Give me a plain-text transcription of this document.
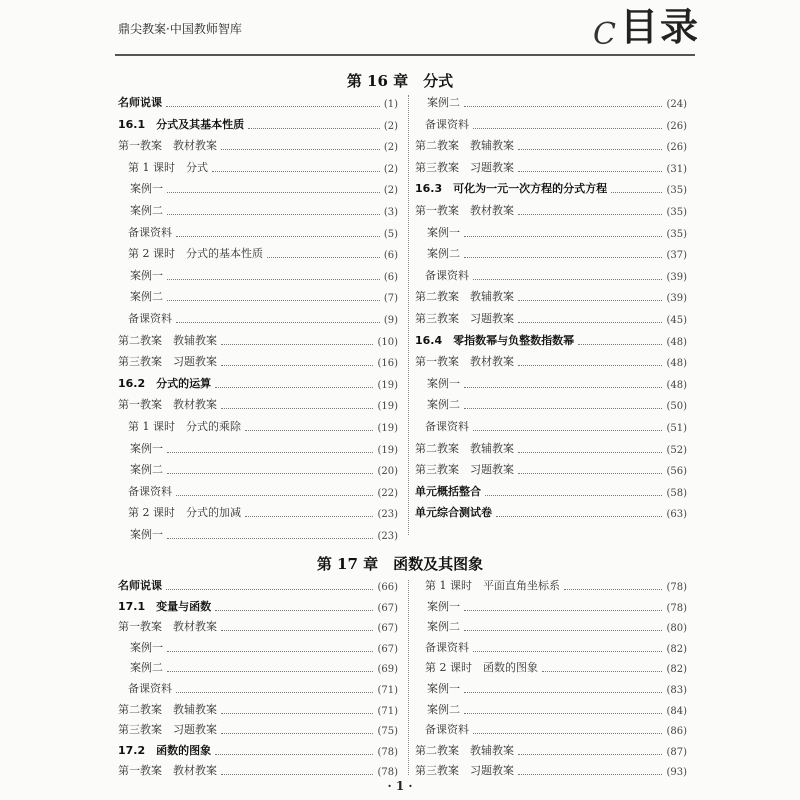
鼎尖教案·中国教师智库	C 目录
第 16 章　分式
名师说课	(1)
16.1　分式及其基本性质	(2)
第一教案　教材教案	(2)
第 1 课时　分式	(2)
案例一	(2)
案例二	(3)
备课资料	(5)
第 2 课时　分式的基本性质	(6)
案例一	(6)
案例二	(7)
备课资料	(9)
第二教案　教辅教案	(10)
第三教案　习题教案	(16)
16.2　分式的运算	(19)
第一教案　教材教案	(19)
第 1 课时　分式的乘除	(19)
案例一	(19)
案例二	(20)
备课资料	(22)
第 2 课时　分式的加减	(23)
案例一	(23)
案例二	(24)
备课资料	(26)
第二教案　教辅教案	(26)
第三教案　习题教案	(31)
16.3　可化为一元一次方程的分式方程	(35)
第一教案　教材教案	(35)
案例一	(35)
案例二	(37)
备课资料	(39)
第二教案　教辅教案	(39)
第三教案　习题教案	(45)
16.4　零指数幂与负整数指数幂	(48)
第一教案　教材教案	(48)
案例一	(48)
案例二	(50)
备课资料	(51)
第二教案　教辅教案	(52)
第三教案　习题教案	(56)
单元概括整合	(58)
单元综合测试卷	(63)
第 17 章　函数及其图象
名师说课	(66)
17.1　变量与函数	(67)
第一教案　教材教案	(67)
案例一	(67)
案例二	(69)
备课资料	(71)
第二教案　教辅教案	(71)
第三教案　习题教案	(75)
17.2　函数的图象	(78)
第一教案　教材教案	(78)
第 1 课时　平面直角坐标系	(78)
案例一	(78)
案例二	(80)
备课资料	(82)
第 2 课时　函数的图象	(82)
案例一	(83)
案例二	(84)
备课资料	(86)
第二教案　教辅教案	(87)
第三教案　习题教案	(93)
· 1 ·
